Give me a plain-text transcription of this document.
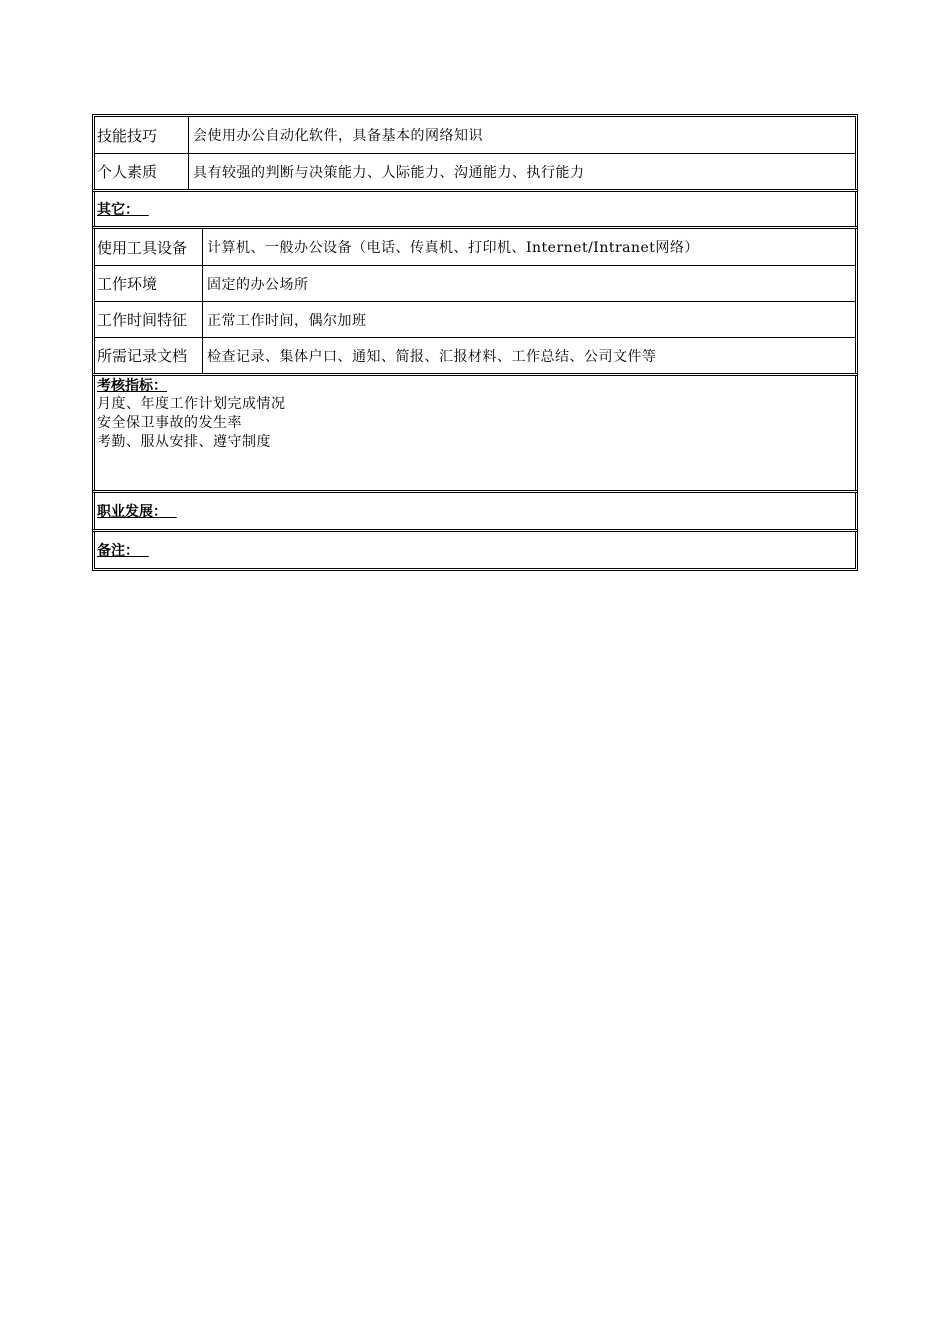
技能技巧	会使用办公自动化软件，具备基本的网络知识
个人素质	具有较强的判断与决策能力、人际能力、沟通能力、执行能力
其它：
使用工具设备	计算机、一般办公设备（电话、传真机、打印机、Internet/Intranet网络）
工作环境	固定的办公场所
工作时间特征	正常工作时间，偶尔加班
所需记录文档	检查记录、集体户口、通知、简报、汇报材料、工作总结、公司文件等
考核指标：
月度、年度工作计划完成情况
安全保卫事故的发生率
考勤、服从安排、遵守制度
职业发展：
备注：
